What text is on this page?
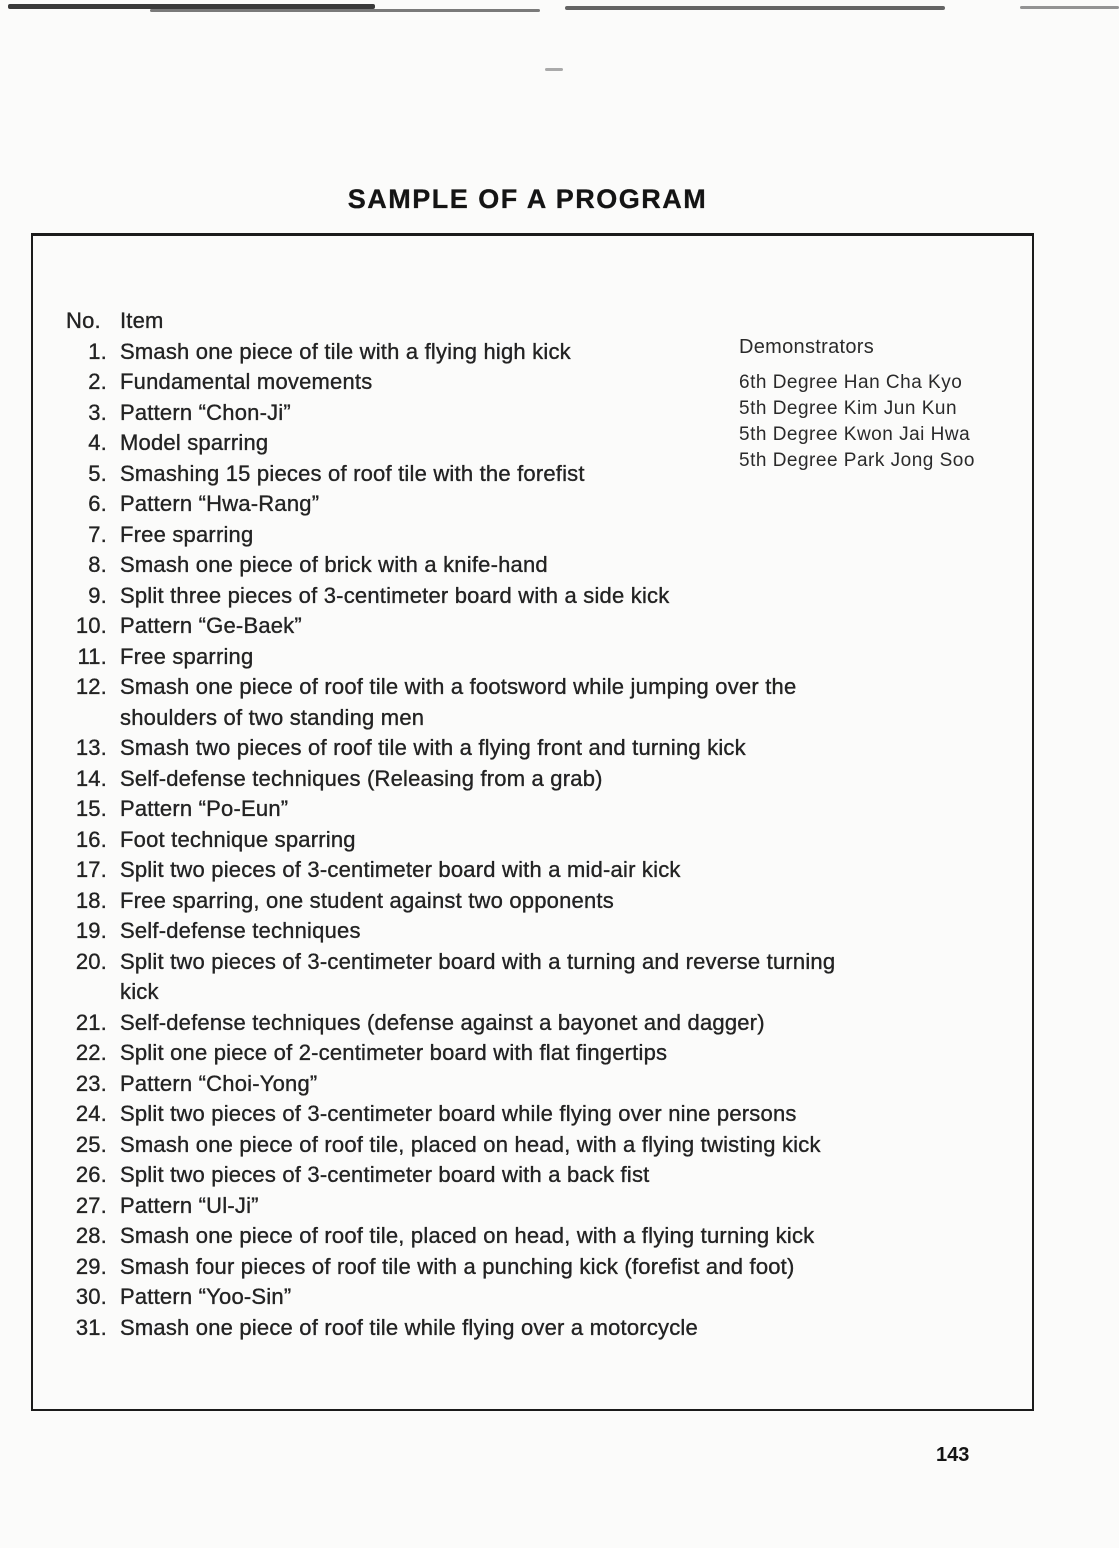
SAMPLE OF A PROGRAM
No. Item
1. Smash one piece of tile with a flying high kick
2. Fundamental movements
3. Pattern “Chon-Ji”
4. Model sparring
5. Smashing 15 pieces of roof tile with the forefist
6. Pattern “Hwa-Rang”
7. Free sparring
8. Smash one piece of brick with a knife-hand
9. Split three pieces of 3-centimeter board with a side kick
10. Pattern “Ge-Baek”
11. Free sparring
12. Smash one piece of roof tile with a footsword while jumping over the
shoulders of two standing men
13. Smash two pieces of roof tile with a flying front and turning kick
14. Self-defense techniques (Releasing from a grab)
15. Pattern “Po-Eun”
16. Foot technique sparring
17. Split two pieces of 3-centimeter board with a mid-air kick
18. Free sparring, one student against two opponents
19. Self-defense techniques
20. Split two pieces of 3-centimeter board with a turning and reverse turning
kick
21. Self-defense techniques (defense against a bayonet and dagger)
22. Split one piece of 2-centimeter board with flat fingertips
23. Pattern “Choi-Yong”
24. Split two pieces of 3-centimeter board while flying over nine persons
25. Smash one piece of roof tile, placed on head, with a flying twisting kick
26. Split two pieces of 3-centimeter board with a back fist
27. Pattern “Ul-Ji”
28. Smash one piece of roof tile, placed on head, with a flying turning kick
29. Smash four pieces of roof tile with a punching kick (forefist and foot)
30. Pattern “Yoo-Sin”
31. Smash one piece of roof tile while flying over a motorcycle
Demonstrators
6th Degree Han Cha Kyo
5th Degree Kim Jun Kun
5th Degree Kwon Jai Hwa
5th Degree Park Jong Soo
143
